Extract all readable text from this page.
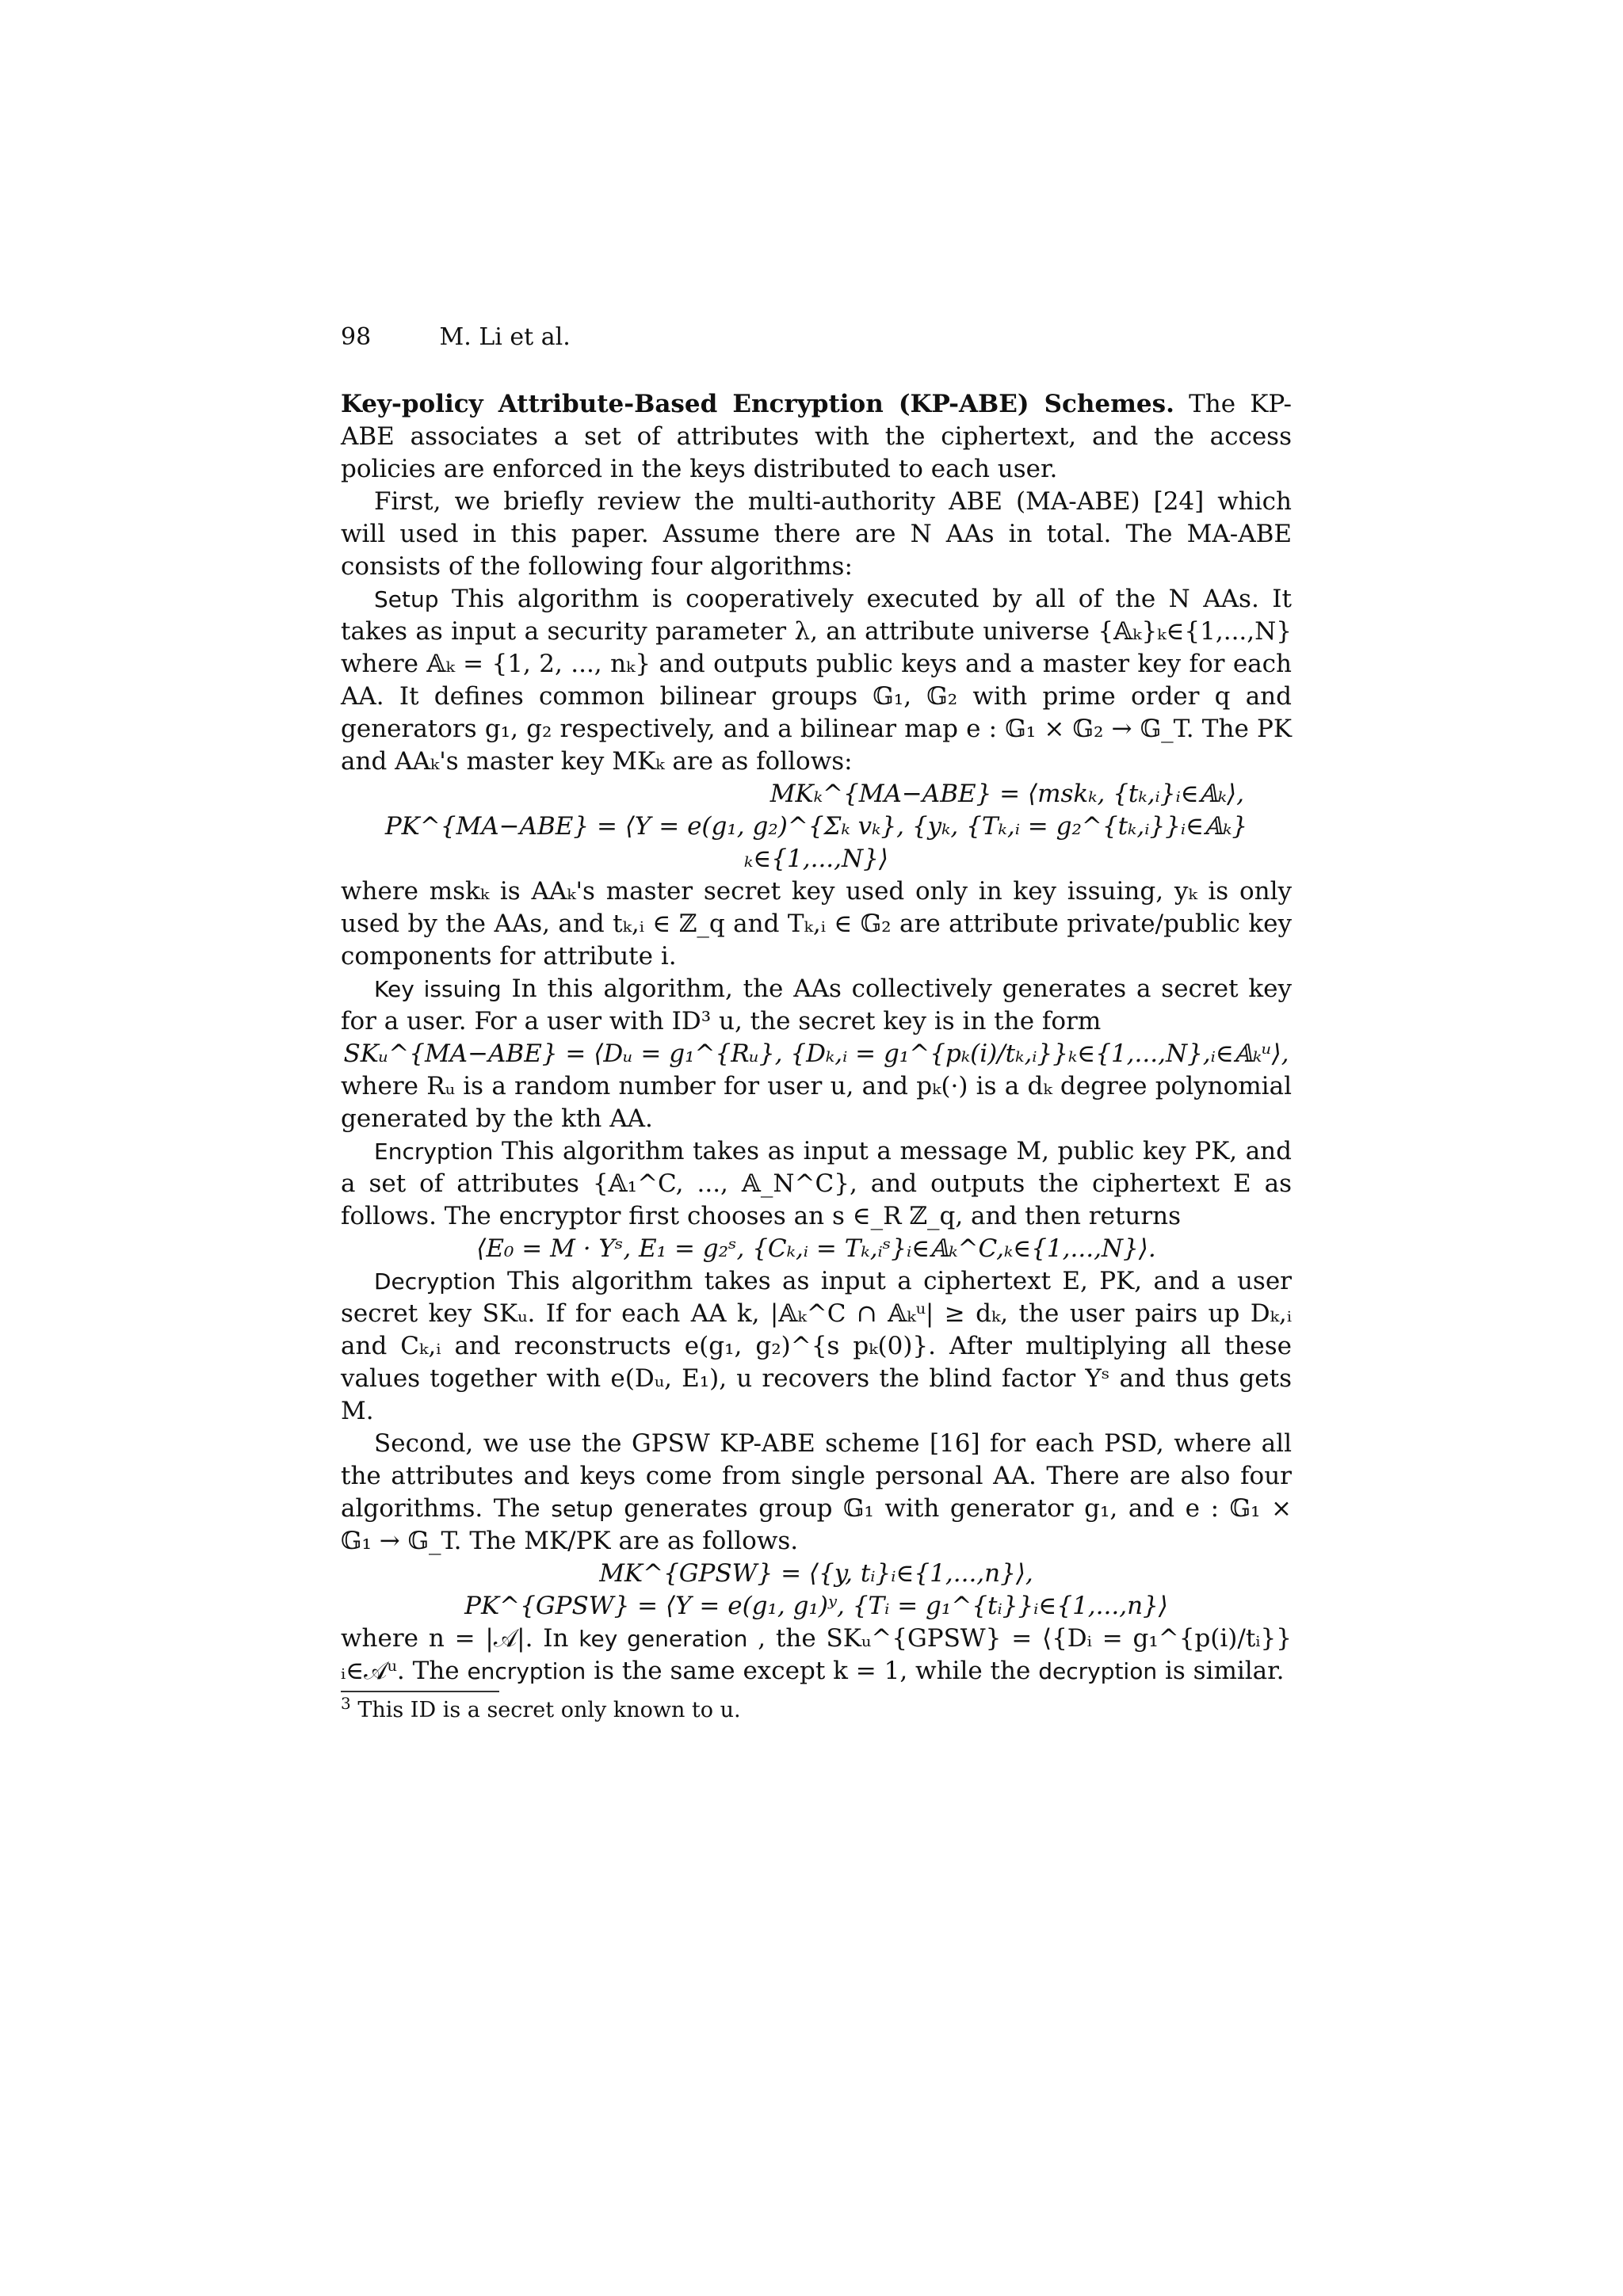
98	M. Li et al.

Key-policy Attribute-Based Encryption (KP-ABE) Schemes. The KP-ABE associates a set of attributes with the ciphertext, and the access policies are enforced in the keys distributed to each user.

First, we briefly review the multi-authority ABE (MA-ABE) [24] which will used in this paper. Assume there are N AAs in total. The MA-ABE consists of the following four algorithms:

Setup This algorithm is cooperatively executed by all of the N AAs. It takes as input a security parameter λ, an attribute universe {𝔸ₖ}ₖ∈{1,...,N} where 𝔸ₖ = {1, 2, ..., nₖ} and outputs public keys and a master key for each AA. It defines common bilinear groups 𝔾₁, 𝔾₂ with prime order q and generators g₁, g₂ respectively, and a bilinear map e : 𝔾₁ × 𝔾₂ → 𝔾_T. The PK and AAₖ's master key MKₖ are as follows:

MKₖ^{MA−ABE} = ⟨mskₖ, {tₖ,ᵢ}ᵢ∈𝔸ₖ⟩,

PK^{MA−ABE} = ⟨Y = e(g₁, g₂)^{Σₖ vₖ}, {yₖ, {Tₖ,ᵢ = g₂^{tₖ,ᵢ}}ᵢ∈𝔸ₖ}ₖ∈{1,...,N}⟩

where mskₖ is AAₖ's master secret key used only in key issuing, yₖ is only used by the AAs, and tₖ,ᵢ ∈ ℤ_q and Tₖ,ᵢ ∈ 𝔾₂ are attribute private/public key components for attribute i.

Key issuing In this algorithm, the AAs collectively generates a secret key for a user. For a user with ID³ u, the secret key is in the form

SKᵤ^{MA−ABE} = ⟨Dᵤ = g₁^{Rᵤ}, {Dₖ,ᵢ = g₁^{pₖ(i)/tₖ,ᵢ}}ₖ∈{1,...,N},ᵢ∈𝔸ₖᵘ⟩,

where Rᵤ is a random number for user u, and pₖ(·) is a dₖ degree polynomial generated by the kth AA.

Encryption This algorithm takes as input a message M, public key PK, and a set of attributes {𝔸₁^C, ..., 𝔸_N^C}, and outputs the ciphertext E as follows. The encryptor first chooses an s ∈_R ℤ_q, and then returns

⟨E₀ = M · Yˢ, E₁ = g₂ˢ, {Cₖ,ᵢ = Tₖ,ᵢˢ}ᵢ∈𝔸ₖ^C,ₖ∈{1,...,N}⟩.

Decryption This algorithm takes as input a ciphertext E, PK, and a user secret key SKᵤ. If for each AA k, |𝔸ₖ^C ∩ 𝔸ₖᵘ| ≥ dₖ, the user pairs up Dₖ,ᵢ and Cₖ,ᵢ and reconstructs e(g₁, g₂)^{s pₖ(0)}. After multiplying all these values together with e(Dᵤ, E₁), u recovers the blind factor Yˢ and thus gets M.

Second, we use the GPSW KP-ABE scheme [16] for each PSD, where all the attributes and keys come from single personal AA. There are also four algorithms. The setup generates group 𝔾₁ with generator g₁, and e : 𝔾₁ × 𝔾₁ → 𝔾_T. The MK/PK are as follows.

MK^{GPSW} = ⟨{y, tᵢ}ᵢ∈{1,...,n}⟩,

PK^{GPSW} = ⟨Y = e(g₁, g₁)ʸ, {Tᵢ = g₁^{tᵢ}}ᵢ∈{1,...,n}⟩

where n = |𝒜|. In key generation , the SKᵤ^{GPSW} = ⟨{Dᵢ = g₁^{p(i)/tᵢ}}ᵢ∈𝒜ᵘ. The encryption is the same except k = 1, while the decryption is similar.

$^3$ This ID is a secret only known to u.
